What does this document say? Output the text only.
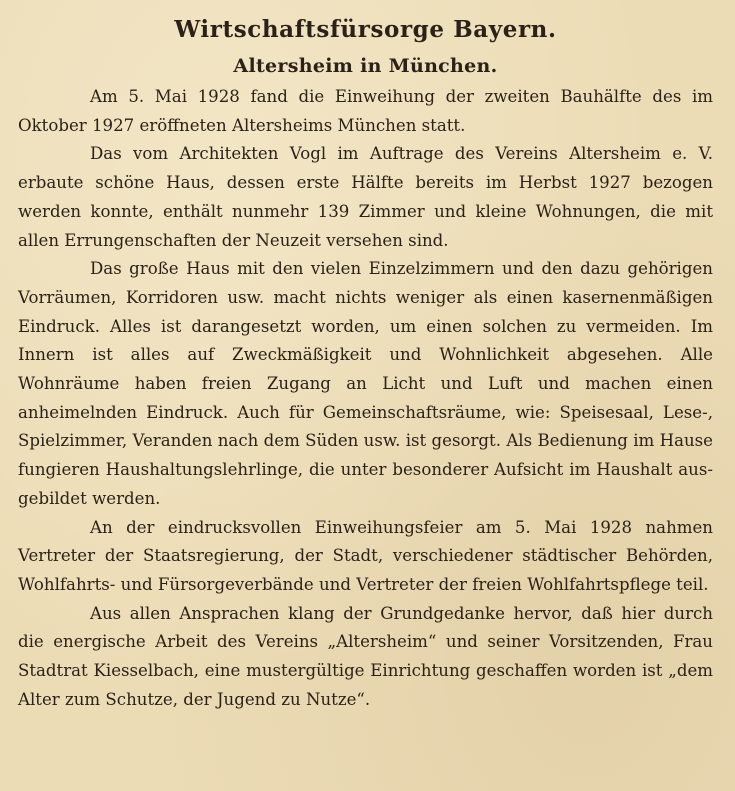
Wirtschaftsfürsorge Bayern.
Altersheim in München.

Am 5. Mai 1928 fand die Einweihung der zweiten Bauhälfte des im Oktober 1927 eröffneten Altersheims München statt.

Das vom Architekten Vogl im Auftrage des Vereins Altersheim e. V. erbaute schöne Haus, dessen erste Hälfte bereits im Herbst 1927 bezogen werden konnte, enthält nunmehr 139 Zimmer und kleine Wohnungen, die mit allen Errungenschaften der Neuzeit versehen sind.

Das große Haus mit den vielen Einzelzimmern und den dazu gehörigen Vorräumen, Korridoren usw. macht nichts weniger als einen kasernenmäßigen Eindruck. Alles ist darangesetzt worden, um einen solchen zu vermeiden. Im Innern ist alles auf Zweckmäßigkeit und Wohnlichkeit abgesehen. Alle Wohnräume haben freien Zugang an Licht und Luft und machen einen anheimelnden Eindruck. Auch für Gemeinschaftsräume, wie: Speisesaal, Lese-, Spielzimmer, Veranden nach dem Süden usw. ist gesorgt. Als Bedienung im Hause fungieren Haushaltungslehrlinge, die unter besonderer Aufsicht im Haushalt ausgebildet werden.

An der eindrucksvollen Einweihungsfeier am 5. Mai 1928 nahmen Vertreter der Staatsregierung, der Stadt, verschiedener städtischer Behörden, Wohlfahrts- und Fürsorgeverbände und Vertreter der freien Wohlfahrtspflege teil.

Aus allen Ansprachen klang der Grundgedanke hervor, daß hier durch die energische Arbeit des Vereins „Altersheim“ und seiner Vorsitzenden, Frau Stadtrat Kiesselbach, eine mustergültige Einrichtung geschaffen worden ist „dem Alter zum Schutze, der Jugend zu Nutze“.
